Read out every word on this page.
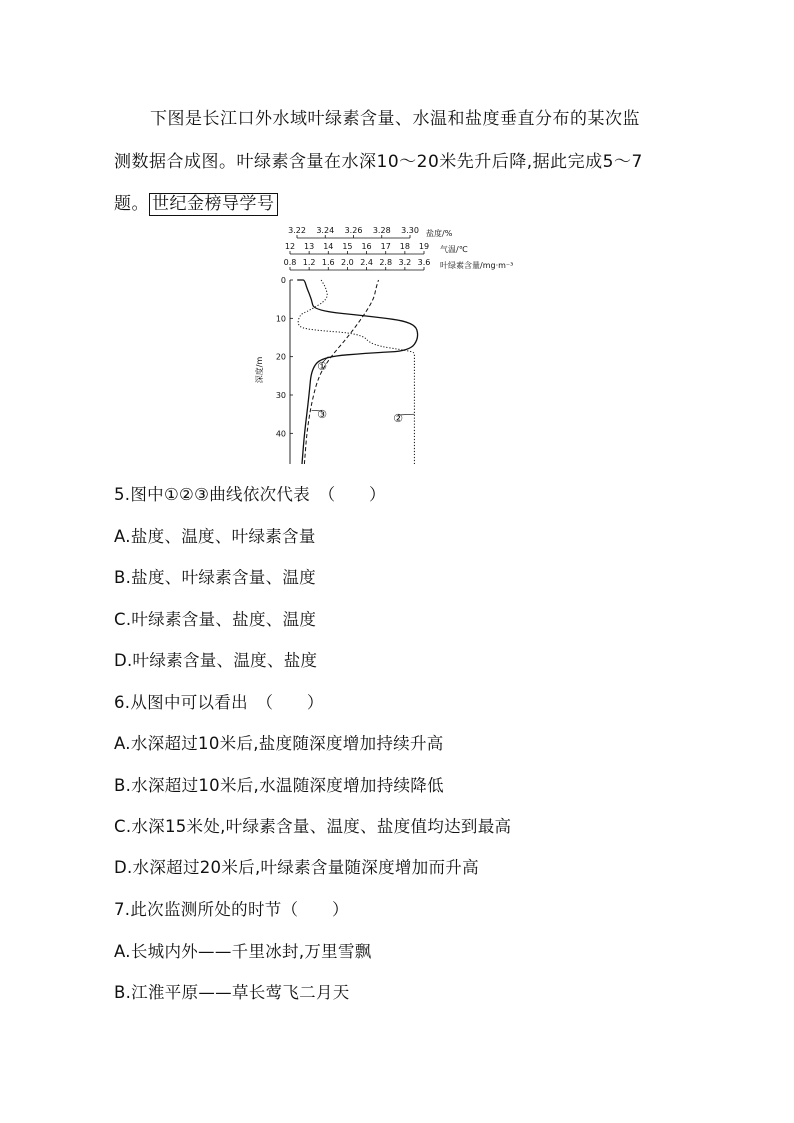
下图是长江口外水域叶绿素含量、水温和盐度垂直分布的某次监
测数据合成图。叶绿素含量在水深10～20米先升后降,据此完成5～7
题。 世纪金榜导学号
3.22 3.24 3.26 3.28 3.30 盐度/%
12 13 14 15 16 17 18 19 气温/℃
0.8 1.2 1.6 2.0 2.4 2.8 3.2 3.6 叶绿素含量/mg·m⁻³
0
10
20
30
40
深度/m	①
②
③
5.图中①②③曲线依次代表　（　　）
A.盐度、温度、叶绿素含量
B.盐度、叶绿素含量、温度
C.叶绿素含量、盐度、温度
D.叶绿素含量、温度、盐度
6.从图中可以看出　（　　）
A.水深超过10米后,盐度随深度增加持续升高
B.水深超过10米后,水温随深度增加持续降低
C.水深15米处,叶绿素含量、温度、盐度值均达到最高
D.水深超过20米后,叶绿素含量随深度增加而升高
7.此次监测所处的时节（　　）
A.长城内外——千里冰封,万里雪飘
B.江淮平原——草长莺飞二月天
